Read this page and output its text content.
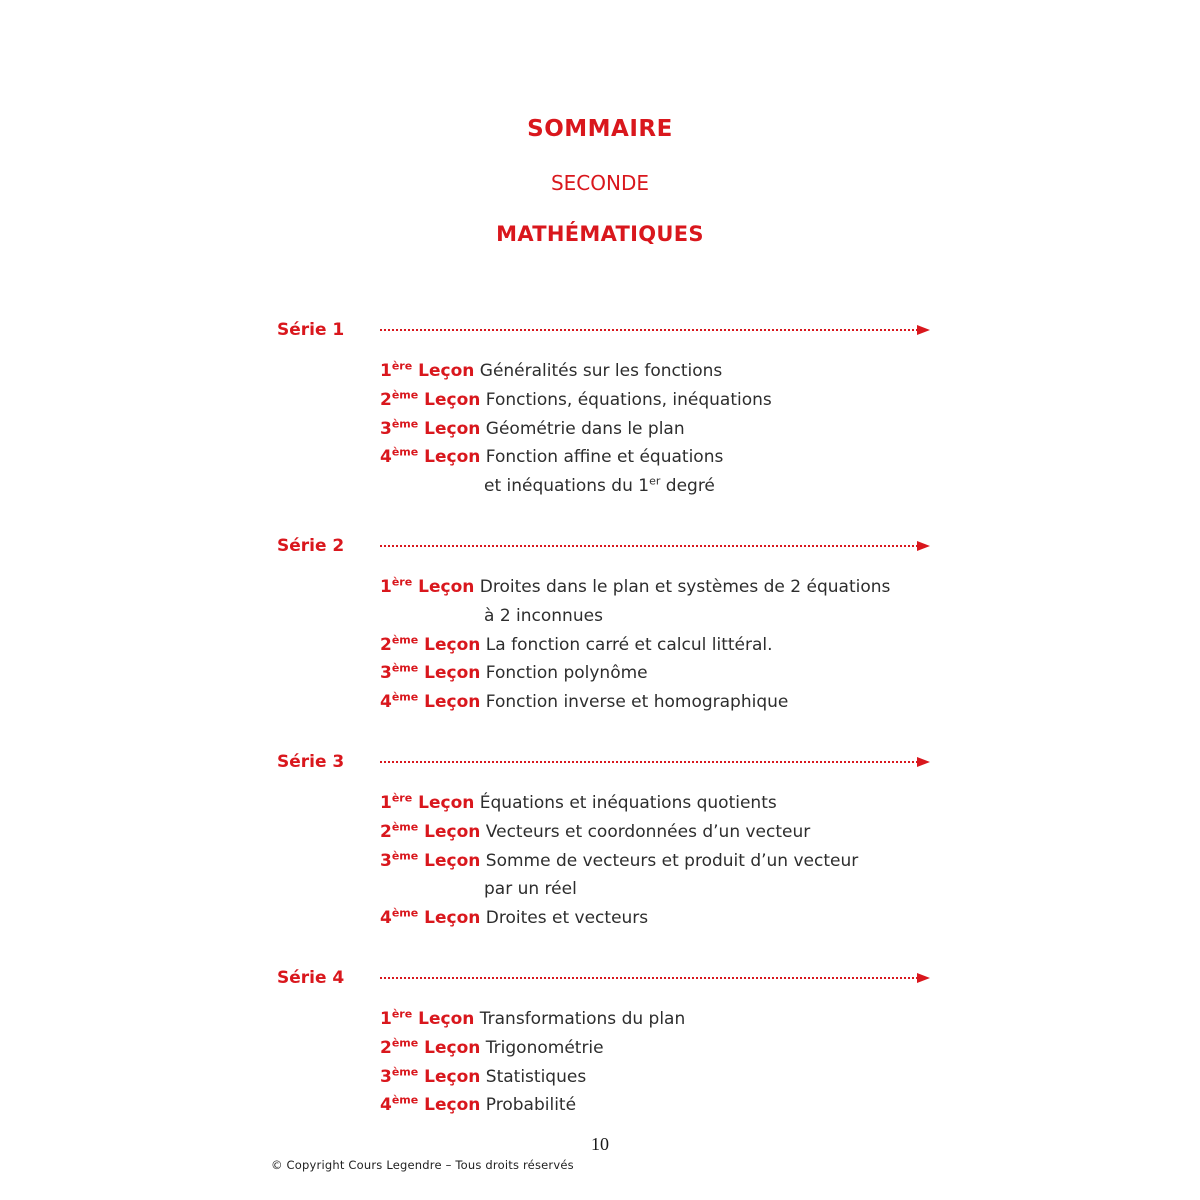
SOMMAIRE
SECONDE
MATHÉMATIQUES
Série 1
1ère Leçon Généralités sur les fonctions
2ème Leçon Fonctions, équations, inéquations
3ème Leçon Géométrie dans le plan
4ème Leçon Fonction affine et équations
et inéquations du 1er degré
Série 2
1ère Leçon Droites dans le plan et systèmes de 2 équations
à 2 inconnues
2ème Leçon La fonction carré et calcul littéral.
3ème Leçon Fonction polynôme
4ème Leçon Fonction inverse et homographique
Série 3
1ère Leçon Équations et inéquations quotients
2ème Leçon Vecteurs et coordonnées d’un vecteur
3ème Leçon Somme de vecteurs et produit d’un vecteur
par un réel
4ème Leçon Droites et vecteurs
Série 4
1ère Leçon Transformations du plan
2ème Leçon Trigonométrie
3ème Leçon Statistiques
4ème Leçon Probabilité
10
© Copyright Cours Legendre – Tous droits réservés
